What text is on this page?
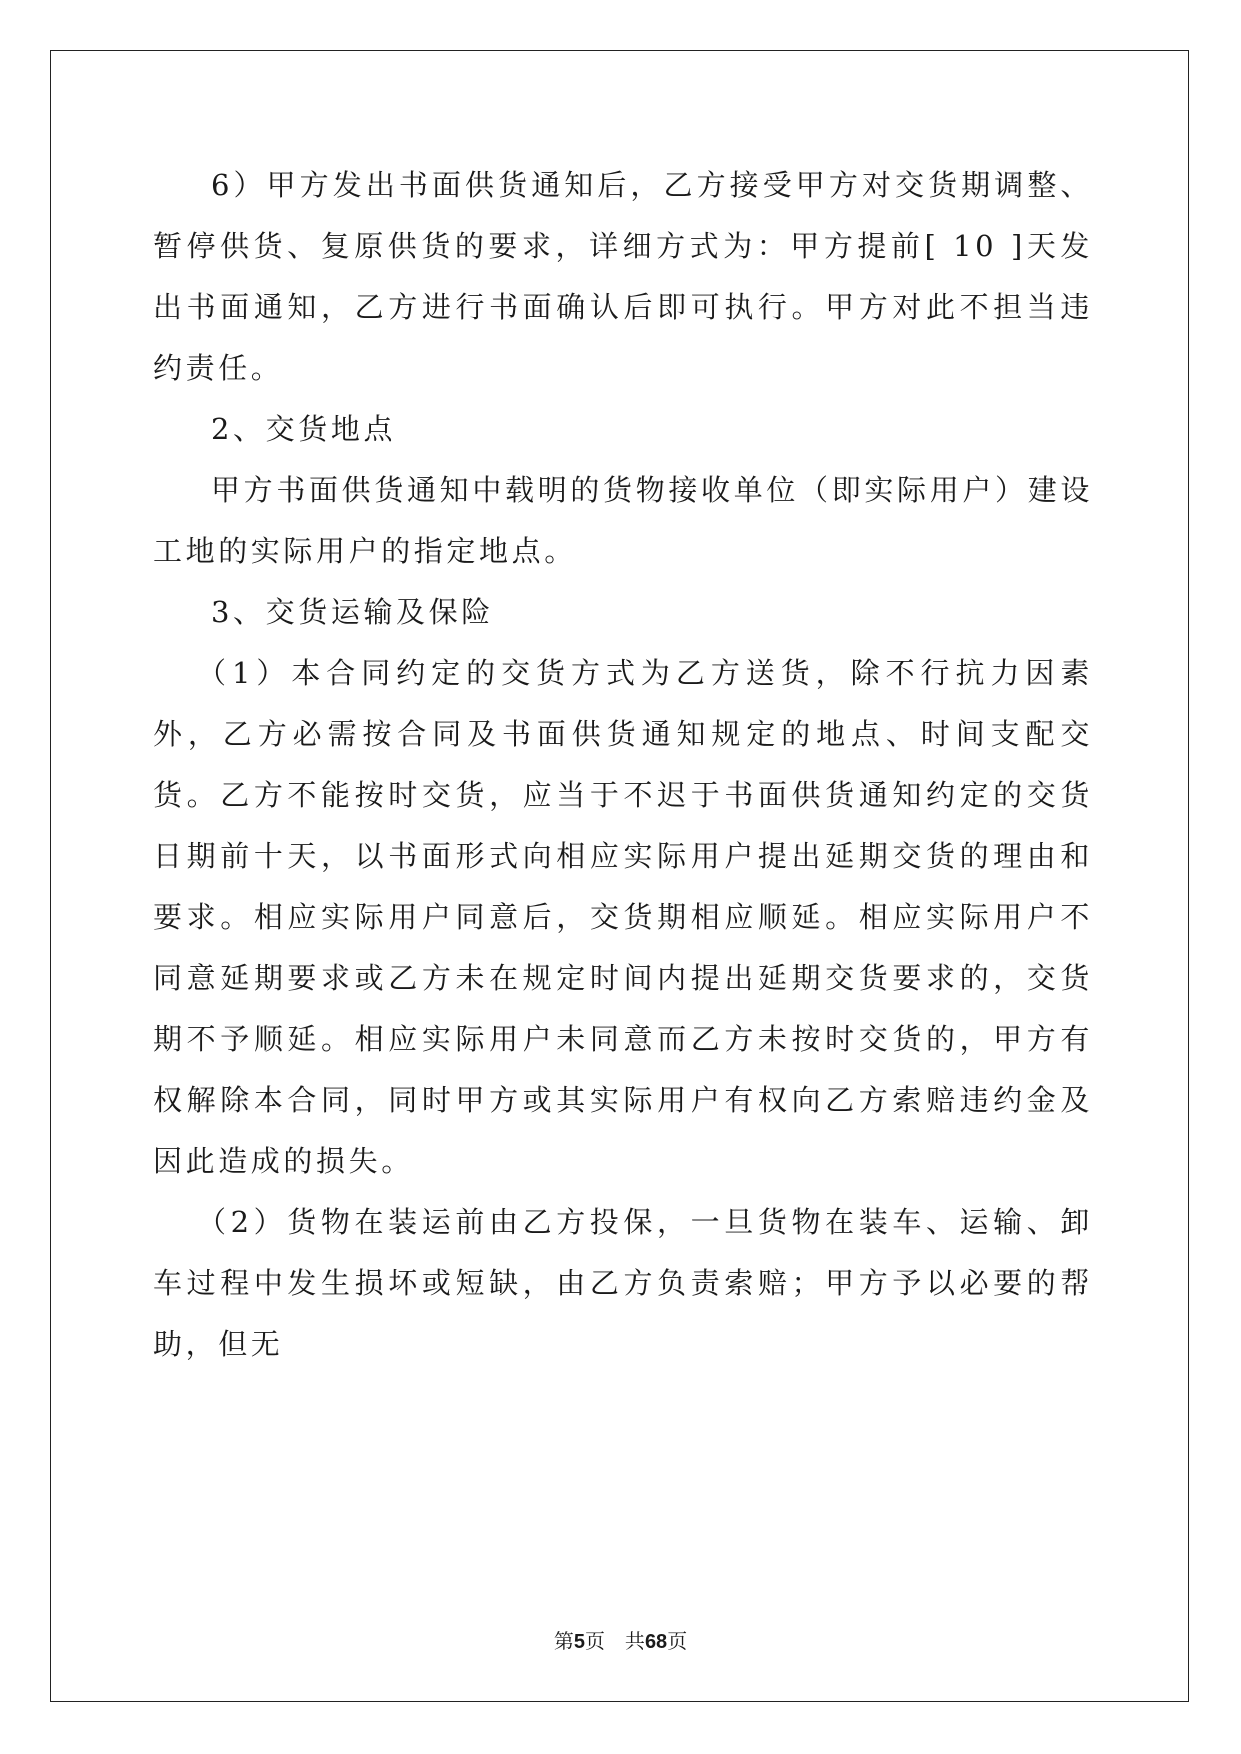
6）甲方发出书面供货通知后，乙方接受甲方对交货期调整、暂停供货、复原供货的要求，详细方式为：甲方提前[ 10 ]天发出书面通知，乙方进行书面确认后即可执行。甲方对此不担当违约责任。

2、交货地点

甲方书面供货通知中载明的货物接收单位（即实际用户）建设工地的实际用户的指定地点。

3、交货运输及保险

（1）本合同约定的交货方式为乙方送货，除不行抗力因素外，乙方必需按合同及书面供货通知规定的地点、时间支配交货。乙方不能按时交货，应当于不迟于书面供货通知约定的交货日期前十天，以书面形式向相应实际用户提出延期交货的理由和要求。相应实际用户同意后，交货期相应顺延。相应实际用户不同意延期要求或乙方未在规定时间内提出延期交货要求的，交货期不予顺延。相应实际用户未同意而乙方未按时交货的，甲方有权解除本合同，同时甲方或其实际用户有权向乙方索赔违约金及因此造成的损失。

（2）货物在装运前由乙方投保，一旦货物在装车、运输、卸车过程中发生损坏或短缺，由乙方负责索赔；甲方予以必要的帮助，但无

第5页　共68页
